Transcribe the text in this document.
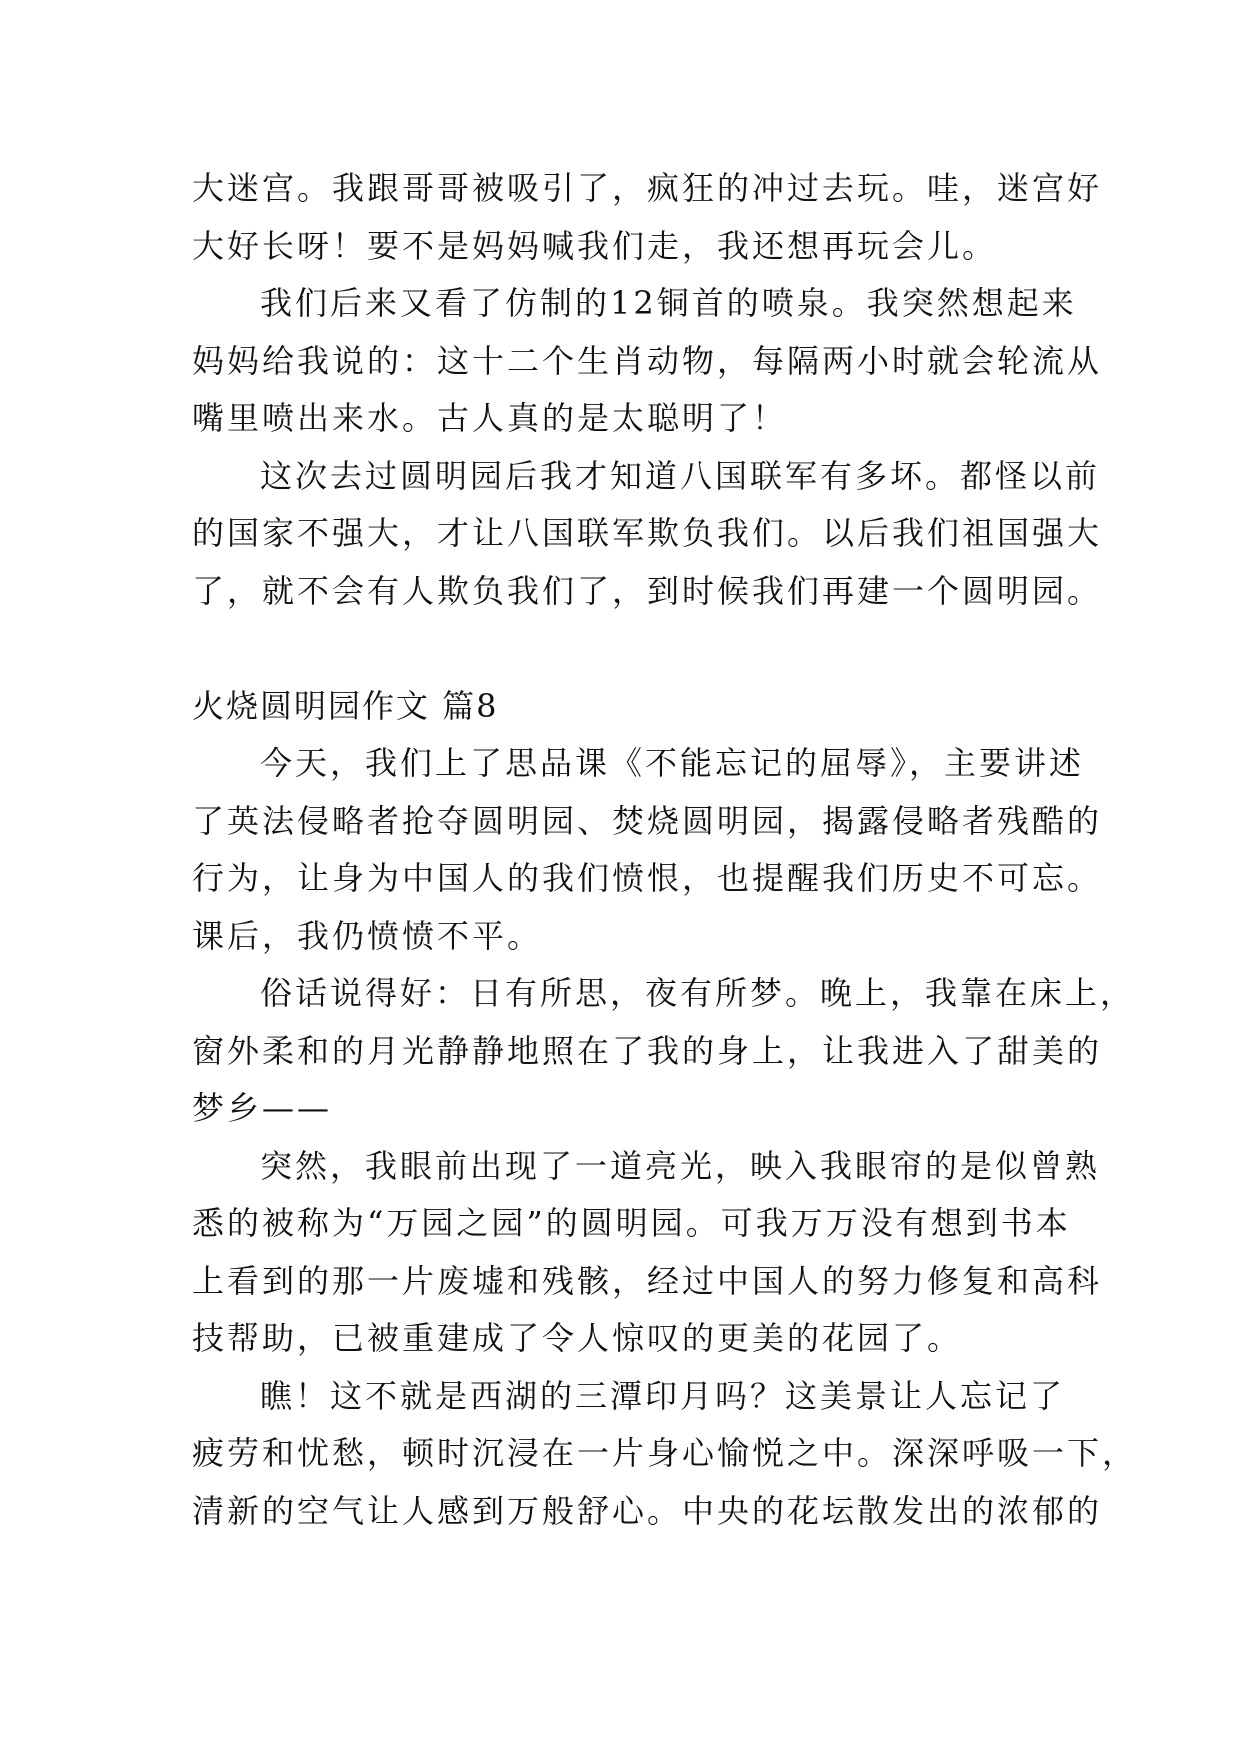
大迷宫。我跟哥哥被吸引了，疯狂的冲过去玩。哇，迷宫好
大好长呀！要不是妈妈喊我们走，我还想再玩会儿。
我们后来又看了仿制的12铜首的喷泉。我突然想起来
妈妈给我说的：这十二个生肖动物，每隔两小时就会轮流从
嘴里喷出来水。古人真的是太聪明了！
这次去过圆明园后我才知道八国联军有多坏。都怪以前
的国家不强大，才让八国联军欺负我们。以后我们祖国强大
了，就不会有人欺负我们了，到时候我们再建一个圆明园。
火烧圆明园作文 篇8
今天，我们上了思品课《不能忘记的屈辱》，主要讲述
了英法侵略者抢夺圆明园、焚烧圆明园，揭露侵略者残酷的
行为，让身为中国人的我们愤恨，也提醒我们历史不可忘。
课后，我仍愤愤不平。
俗话说得好：日有所思，夜有所梦。晚上，我靠在床上，
窗外柔和的月光静静地照在了我的身上，让我进入了甜美的
梦乡——
突然，我眼前出现了一道亮光，映入我眼帘的是似曾熟
悉的被称为“万园之园”的圆明园。可我万万没有想到书本
上看到的那一片废墟和残骸，经过中国人的努力修复和高科
技帮助，已被重建成了令人惊叹的更美的花园了。
瞧！这不就是西湖的三潭印月吗？这美景让人忘记了
疲劳和忧愁，顿时沉浸在一片身心愉悦之中。深深呼吸一下，
清新的空气让人感到万般舒心。中央的花坛散发出的浓郁的
